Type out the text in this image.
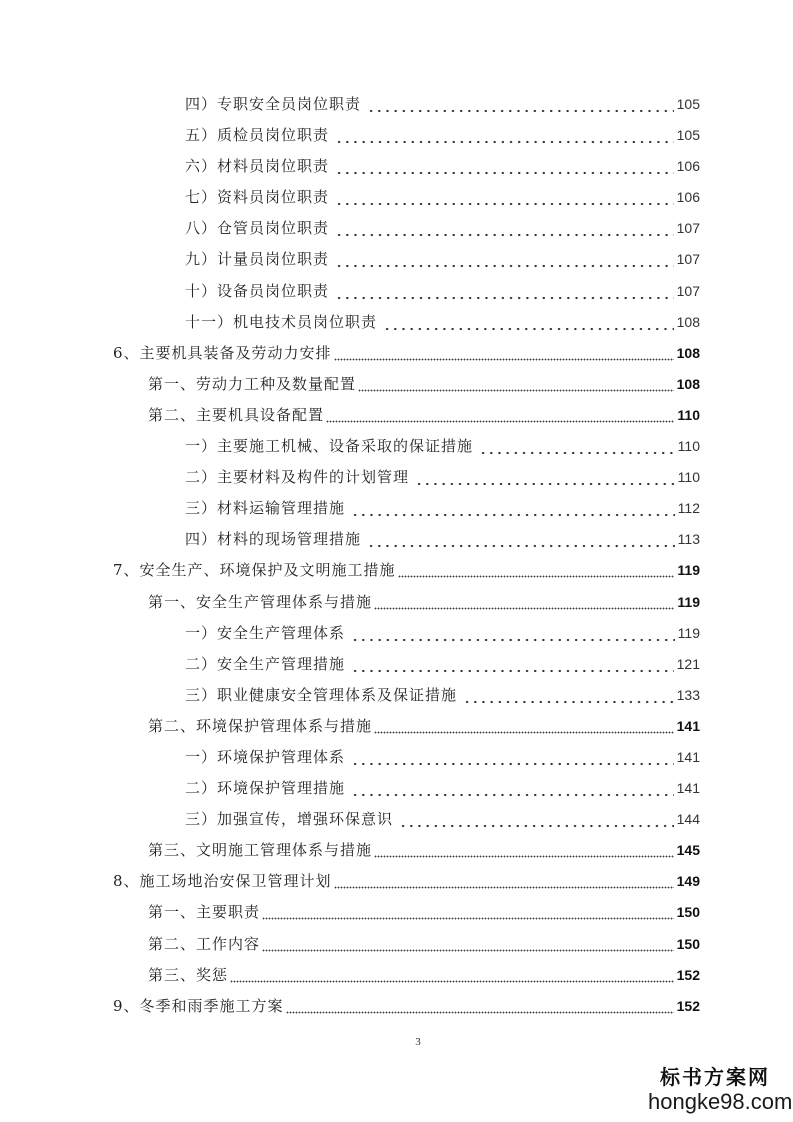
四）专职安全员岗位职责	105
五）质检员岗位职责	105
六）材料员岗位职责	106
七）资料员岗位职责	106
八）仓管员岗位职责	107
九）计量员岗位职责	107
十）设备员岗位职责	107
十一）机电技术员岗位职责	108
6、主要机具装备及劳动力安排	108
第一、劳动力工种及数量配置	108
第二、主要机具设备配置	110
一）主要施工机械、设备采取的保证措施	110
二）主要材料及构件的计划管理	110
三）材料运输管理措施	112
四）材料的现场管理措施	113
7、安全生产、环境保护及文明施工措施	119
第一、安全生产管理体系与措施	119
一）安全生产管理体系	119
二）安全生产管理措施	121
三）职业健康安全管理体系及保证措施	133
第二、环境保护管理体系与措施	141
一）环境保护管理体系	141
二）环境保护管理措施	141
三）加强宣传，增强环保意识	144
第三、文明施工管理体系与措施	145
8、施工场地治安保卫管理计划	149
第一、主要职责	150
第二、工作内容	150
第三、奖惩	152
9、冬季和雨季施工方案	152
3
标书方案网
hongke98.com
